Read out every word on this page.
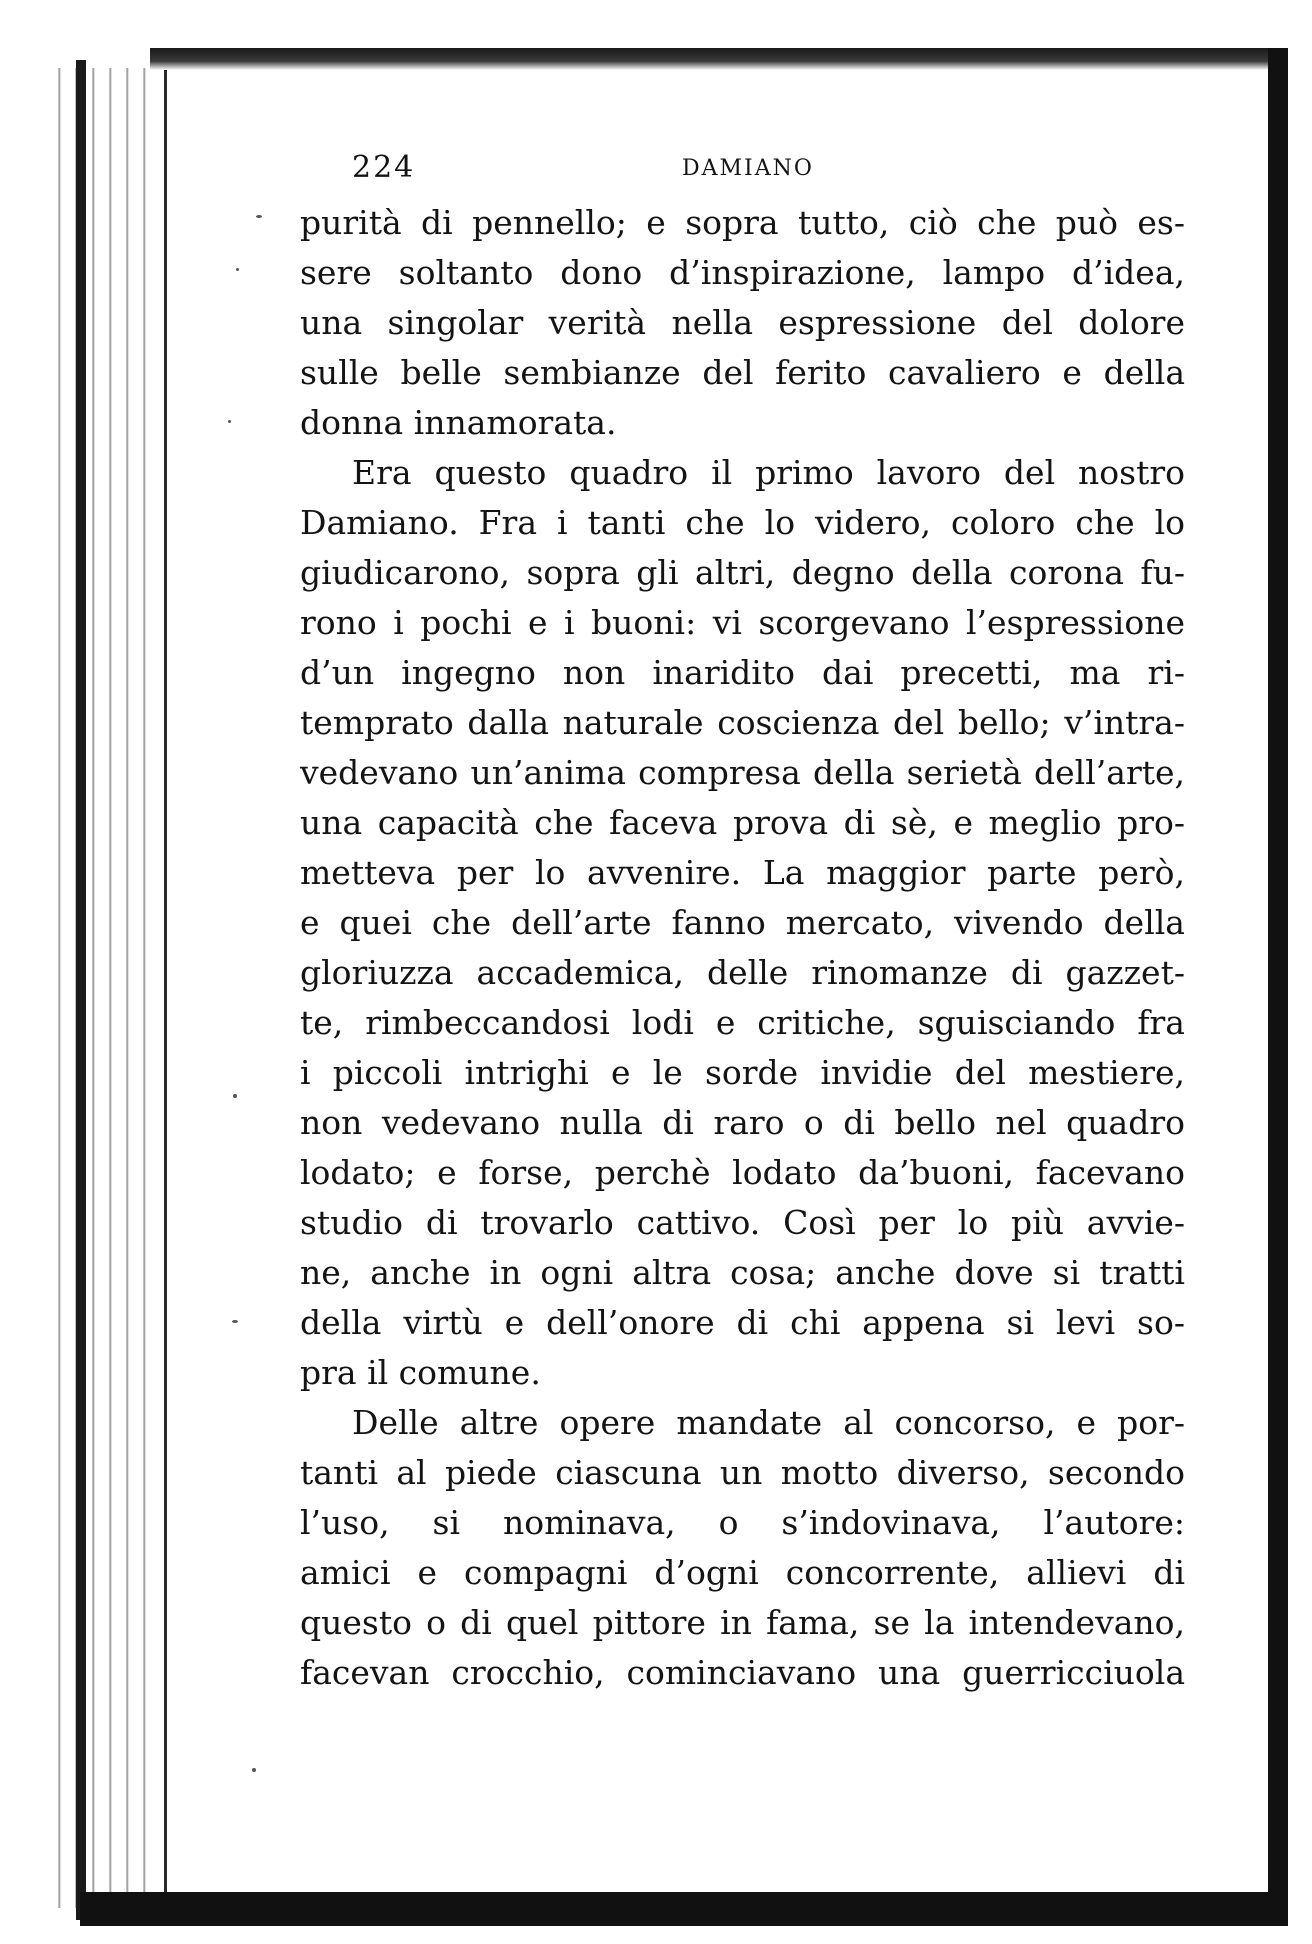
224	DAMIANO
purità di pennello; e sopra tutto, ciò che può es-
sere soltanto dono d’inspirazione, lampo d’idea,
una singolar verità nella espressione del dolore
sulle belle sembianze del ferito cavaliero e della
donna innamorata.
Era questo quadro il primo lavoro del nostro
Damiano. Fra i tanti che lo videro, coloro che lo
giudicarono, sopra gli altri, degno della corona fu-
rono i pochi e i buoni: vi scorgevano l’espressione
d’un ingegno non inaridito dai precetti, ma ri-
temprato dalla naturale coscienza del bello; v’intra-
vedevano un’anima compresa della serietà dell’arte,
una capacità che faceva prova di sè, e meglio pro-
metteva per lo avvenire. La maggior parte però,
e quei che dell’arte fanno mercato, vivendo della
gloriuzza accademica, delle rinomanze di gazzet-
te, rimbeccandosi lodi e critiche, sguisciando fra
i piccoli intrighi e le sorde invidie del mestiere,
non vedevano nulla di raro o di bello nel quadro
lodato; e forse, perchè lodato da’buoni, facevano
studio di trovarlo cattivo. Così per lo più avvie-
ne, anche in ogni altra cosa; anche dove si tratti
della virtù e dell’onore di chi appena si levi so-
pra il comune.
Delle altre opere mandate al concorso, e por-
tanti al piede ciascuna un motto diverso, secondo
l’uso, si nominava, o s’indovinava, l’autore:
amici e compagni d’ogni concorrente, allievi di
questo o di quel pittore in fama, se la intendevano,
facevan crocchio, cominciavano una guerricciuola
